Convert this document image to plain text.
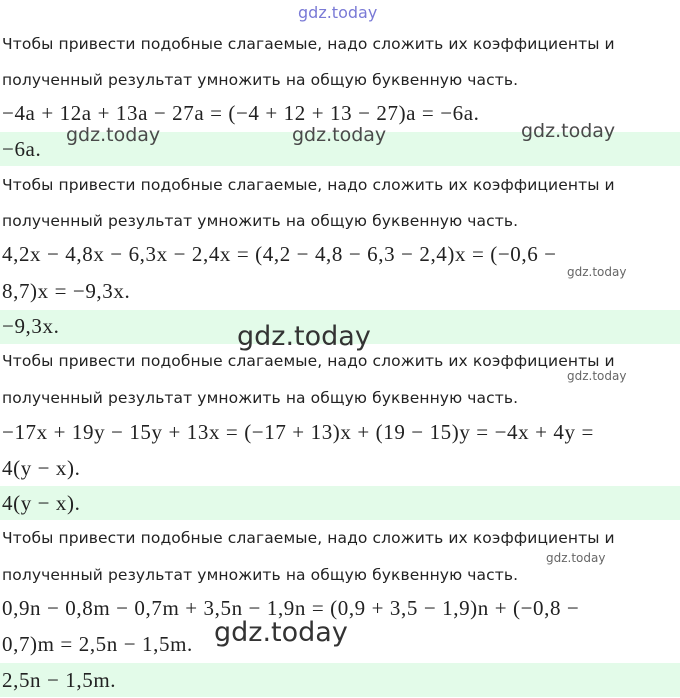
Чтобы привести подобные слагаемые, надо сложить их коэффициенты и
полученный результат умножить на общую буквенную часть.
−4a + 12a + 13a − 27a = (−4 + 12 + 13 − 27)a = −6a.
−6a.
Чтобы привести подобные слагаемые, надо сложить их коэффициенты и
полученный результат умножить на общую буквенную часть.
4,2x − 4,8x − 6,3x − 2,4x = (4,2 − 4,8 − 6,3 − 2,4)x = (−0,6 −
8,7)x = −9,3x.
−9,3x.
Чтобы привести подобные слагаемые, надо сложить их коэффициенты и
полученный результат умножить на общую буквенную часть.
−17x + 19y − 15y + 13x = (−17 + 13)x + (19 − 15)y = −4x + 4y =
4(y − x).
4(y − x).
Чтобы привести подобные слагаемые, надо сложить их коэффициенты и
полученный результат умножить на общую буквенную часть.
0,9n − 0,8m − 0,7m + 3,5n − 1,9n = (0,9 + 3,5 − 1,9)n + (−0,8 −
0,7)m = 2,5n − 1,5m.
2,5n − 1,5m.
gdz.today
gdz.today	gdz.today	gdz.today
gdz.today
gdz.today
gdz.today
gdz.today
gdz.today
